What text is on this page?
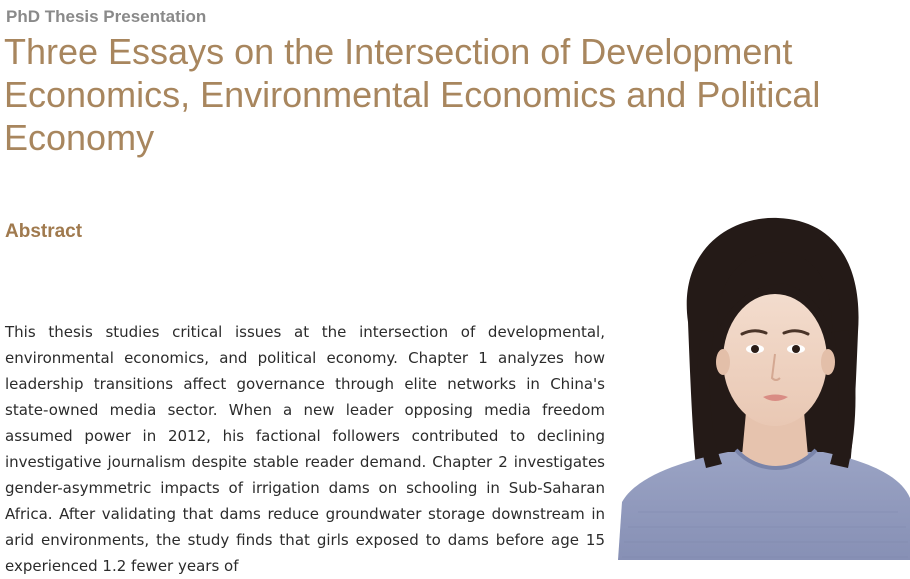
PhD Thesis Presentation
Three Essays on the Intersection of Development Economics, Environmental Economics and Political Economy
Abstract

This thesis studies critical issues at the intersection of developmental, environmental economics, and political economy. Chapter 1 analyzes how leadership transitions affect governance through elite networks in China's state-owned media sector. When a new leader opposing media freedom assumed power in 2012, his factional followers contributed to declining investigative journalism despite stable reader demand. Chapter 2 investigates gender-asymmetric impacts of irrigation dams on schooling in Sub-Saharan Africa. After validating that dams reduce groundwater storage downstream in arid environments, the study finds that girls exposed to dams before age 15 experienced 1.2 fewer years of
